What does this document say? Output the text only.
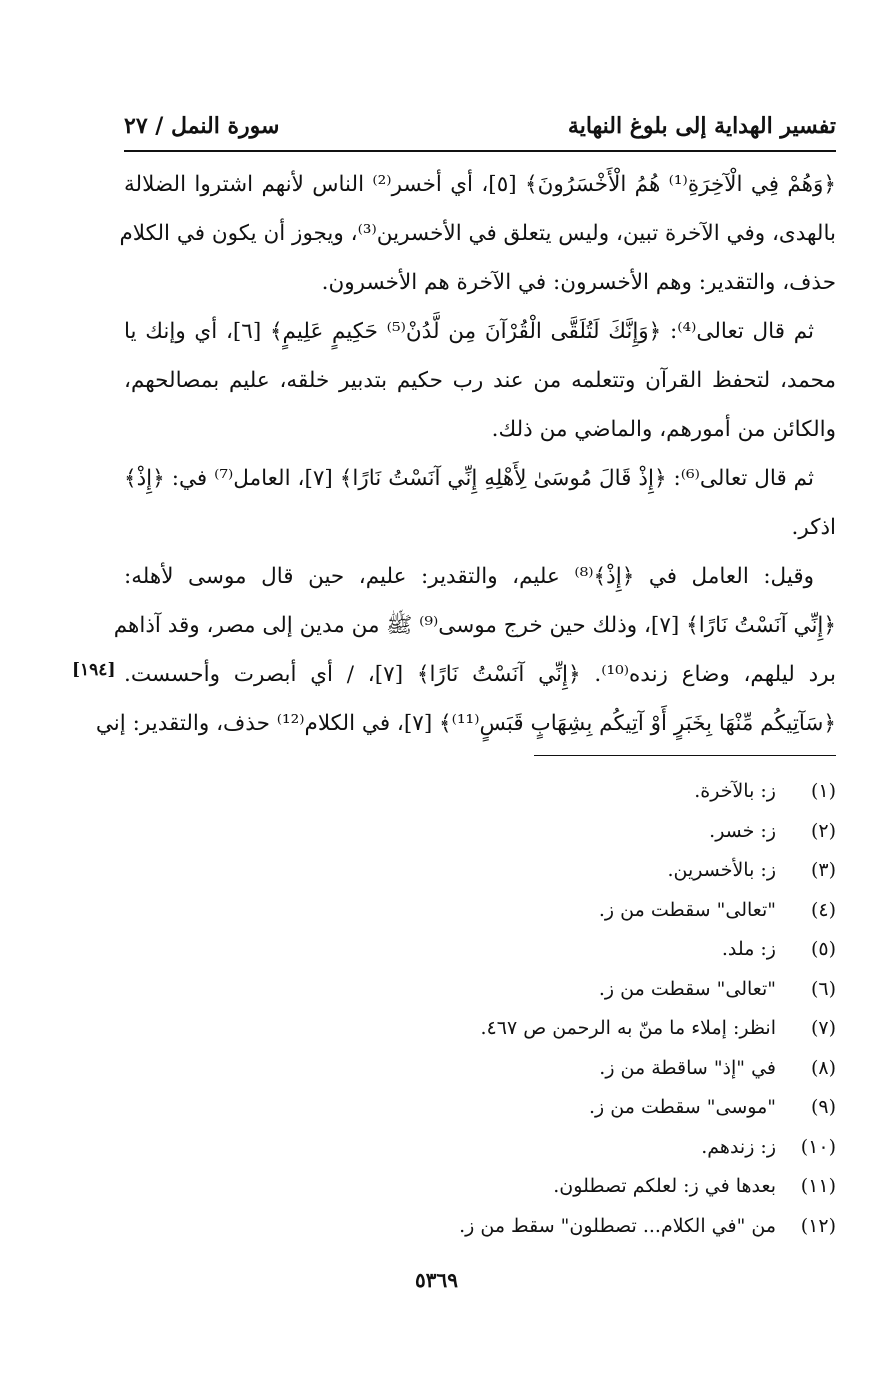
تفسير الهداية إلى بلوغ النهاية
سورة النمل / ٢٧
﴿وَهُمْ فِي الْآخِرَةِ⁽¹⁾ هُمُ الْأَخْسَرُونَ﴾ [٥]، أي أخسر⁽²⁾ الناس لأنهم اشتروا الضلالة
بالهدى، وفي الآخرة تبين، وليس يتعلق في الأخسرين⁽³⁾، ويجوز أن يكون في الكلام
حذف، والتقدير: وهم الأخسرون: في الآخرة هم الأخسرون.
ثم قال تعالى⁽⁴⁾: ﴿وَإِنَّكَ لَتُلَقَّى الْقُرْآنَ مِن لَّدُنْ⁽⁵⁾ حَكِيمٍ عَلِيمٍ﴾ [٦]، أي وإنك يا
محمد، لتحفظ القرآن وتتعلمه من عند رب حكيم بتدبير خلقه، عليم بمصالحهم،
والكائن من أمورهم، والماضي من ذلك.
ثم قال تعالى⁽⁶⁾: ﴿إِذْ قَالَ مُوسَىٰ لِأَهْلِهِ إِنِّي آنَسْتُ نَارًا﴾ [٧]، العامل⁽⁷⁾ في: ﴿إِذْ﴾
اذكر.
وقيل: العامل في ﴿إِذْ﴾⁽⁸⁾ عليم، والتقدير: عليم، حين قال موسى لأهله:
﴿إِنِّي آنَسْتُ نَارًا﴾ [٧]، وذلك حين خرج موسى⁽⁹⁾ ﷺ من مدين إلى مصر، وقد آذاهم
برد ليلهم، وضاع زنده⁽¹⁰⁾. ﴿إِنِّي آنَسْتُ نَارًا﴾ [٧]، / أي أبصرت وأحسست.
﴿سَآتِيكُم مِّنْهَا بِخَبَرٍ أَوْ آتِيكُم بِشِهَابٍ قَبَسٍ⁽¹¹⁾﴾ [٧]، في الكلام⁽¹²⁾ حذف، والتقدير: إني
[١٩٤]
(١)
ز: بالآخرة.
(٢)
ز: خسر.
(٣)
ز: بالأخسرين.
(٤)
"تعالى" سقطت من ز.
(٥)
ز: ملد.
(٦)
"تعالى" سقطت من ز.
(٧)
انظر: إملاء ما منّ به الرحمن ص ٤٦٧.
(٨)
في "إذ" ساقطة من ز.
(٩)
"موسى" سقطت من ز.
(١٠)
ز: زندهم.
(١١)
بعدها في ز: لعلكم تصطلون.
(١٢)
من "في الكلام... تصطلون" سقط من ز.
٥٣٦٩
